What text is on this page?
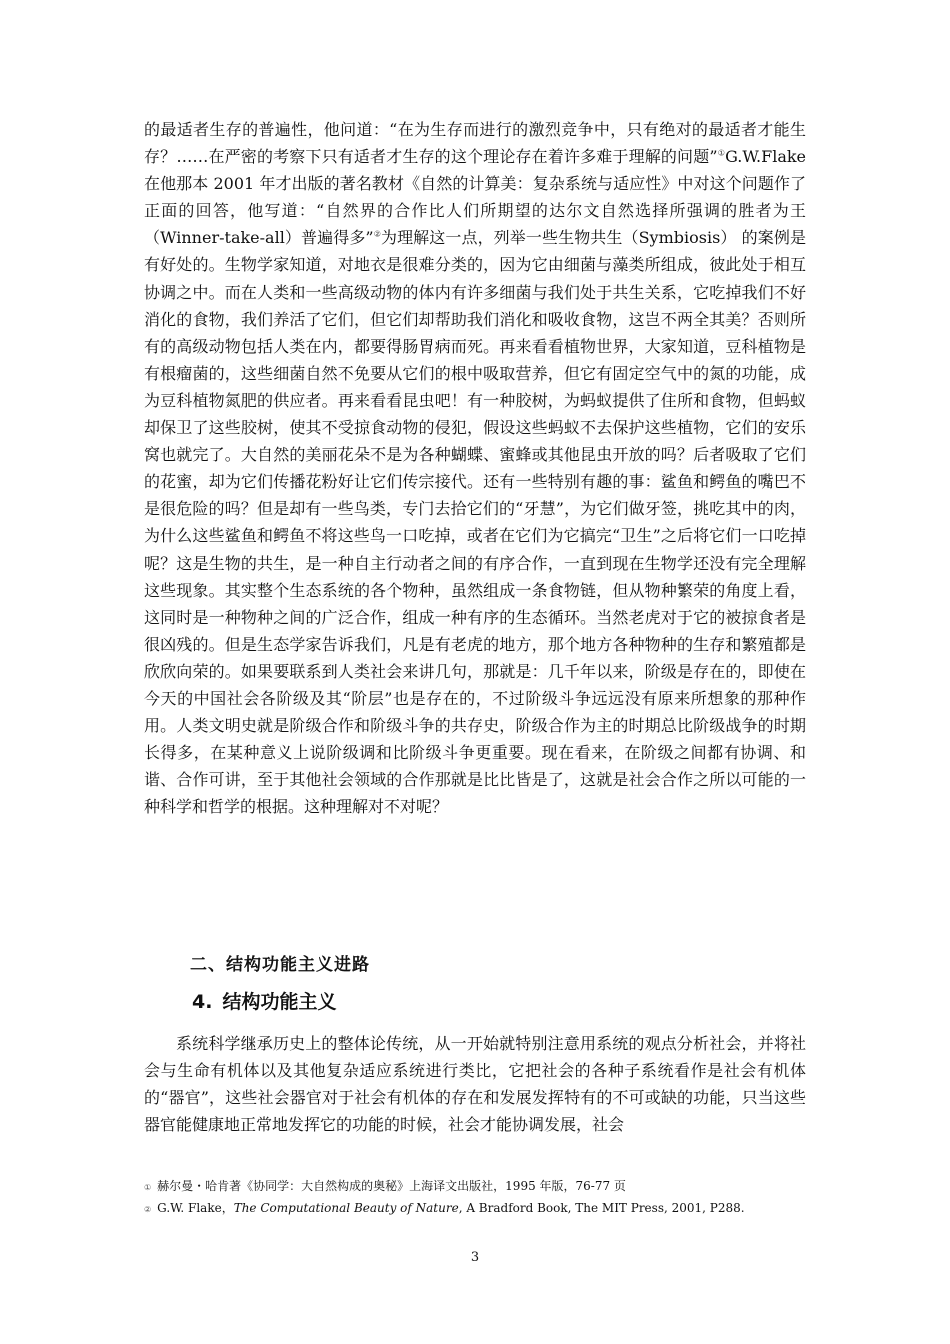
的最适者生存的普遍性，他问道：“在为生存而进行的激烈竞争中，只有绝对的最适者才能生存？……在严密的考察下只有适者才生存的这个理论存在着许多难于理解的问题”①G.W.Flake在他那本 2001 年才出版的著名教材《自然的计算美：复杂系统与适应性》中对这个问题作了正面的回答，他写道：“自然界的合作比人们所期望的达尔文自然选择所强调的胜者为王（Winner-take-all）普遍得多”②为理解这一点，列举一些生物共生（Symbiosis） 的案例是有好处的。生物学家知道，对地衣是很难分类的，因为它由细菌与藻类所组成，彼此处于相互协调之中。而在人类和一些高级动物的体内有许多细菌与我们处于共生关系，它吃掉我们不好消化的食物，我们养活了它们，但它们却帮助我们消化和吸收食物，这岂不两全其美？否则所有的高级动物包括人类在内，都要得肠胃病而死。再来看看植物世界，大家知道，豆科植物是有根瘤菌的，这些细菌自然不免要从它们的根中吸取营养，但它有固定空气中的氮的功能，成为豆科植物氮肥的供应者。再来看看昆虫吧！有一种胶树，为蚂蚁提供了住所和食物，但蚂蚁却保卫了这些胶树，使其不受掠食动物的侵犯，假设这些蚂蚁不去保护这些植物，它们的安乐窝也就完了。大自然的美丽花朵不是为各种蝴蝶、蜜蜂或其他昆虫开放的吗？后者吸取了它们的花蜜，却为它们传播花粉好让它们传宗接代。还有一些特别有趣的事：鲨鱼和鳄鱼的嘴巴不是很危险的吗？但是却有一些鸟类，专门去拾它们的“牙慧”，为它们做牙签，挑吃其中的肉，为什么这些鲨鱼和鳄鱼不将这些鸟一口吃掉，或者在它们为它搞完“卫生”之后将它们一口吃掉呢？这是生物的共生，是一种自主行动者之间的有序合作，一直到现在生物学还没有完全理解这些现象。其实整个生态系统的各个物种，虽然组成一条食物链，但从物种繁荣的角度上看，这同时是一种物种之间的广泛合作，组成一种有序的生态循环。当然老虎对于它的被掠食者是很凶残的。但是生态学家告诉我们，凡是有老虎的地方，那个地方各种物种的生存和繁殖都是欣欣向荣的。如果要联系到人类社会来讲几句，那就是：几千年以来，阶级是存在的，即使在今天的中国社会各阶级及其“阶层”也是存在的，不过阶级斗争远远没有原来所想象的那种作用。人类文明史就是阶级合作和阶级斗争的共存史，阶级合作为主的时期总比阶级战争的时期长得多，在某种意义上说阶级调和比阶级斗争更重要。现在看来，在阶级之间都有协调、和谐、合作可讲，至于其他社会领域的合作那就是比比皆是了，这就是社会合作之所以可能的一种科学和哲学的根据。这种理解对不对呢？

二、结构功能主义进路
4. 结构功能主义

系统科学继承历史上的整体论传统，从一开始就特别注意用系统的观点分析社会，并将社会与生命有机体以及其他复杂适应系统进行类比，它把社会的各种子系统看作是社会有机体的“器官”，这些社会器官对于社会有机体的存在和发展发挥特有的不可或缺的功能，只当这些器官能健康地正常地发挥它的功能的时候，社会才能协调发展，社会

① 赫尔曼・哈肯著《协同学：大自然构成的奥秘》上海译文出版社，1995 年版，76-77 页
② G.W. Flake，The Computational Beauty of Nature, A Bradford Book, The MIT Press, 2001, P288.
3
